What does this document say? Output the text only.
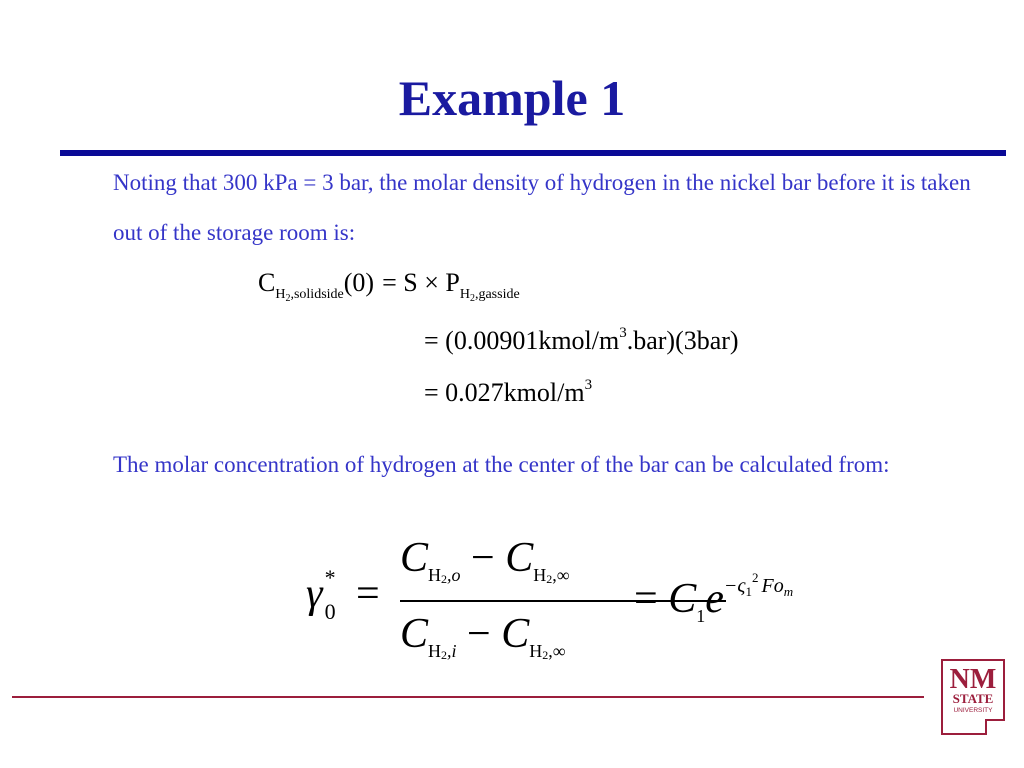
Example 1

Noting that 300 kPa = 3 bar, the molar density of hydrogen in the nickel bar before it is taken out of the storage room is:

$C_{H_2,solidside}(0) = S \times P_{H_2,gasside}$
= $(0.00901kmol/m^3.bar)(3bar)$
= $0.027kmol/m^3$

The molar concentration of hydrogen at the center of the bar can be calculated from:

γ 0
* =
$C_{H2,o} - C_{H2,\infty}$
$C_{H2,i} - C_{H2,\infty}$
= $C_1e^{-\varsigma_1^2 Fo_m}$
NM
STATE
UNIVERSITY
